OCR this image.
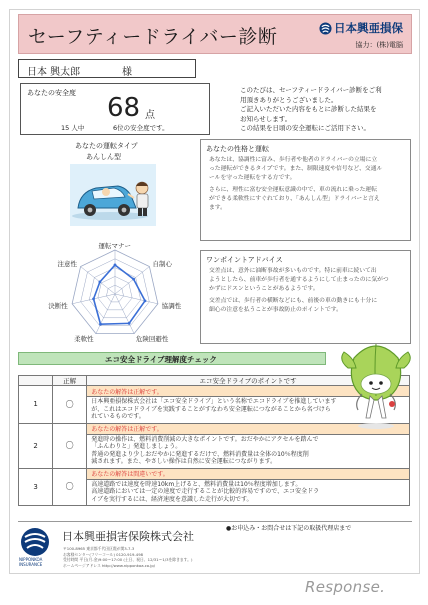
セーフティードライバー診断	日本興亜損保
協力：(株)電脳
日本 興太郎	様
あなたの安全度 68 点
15 人中	6位の安全度です。
このたびは、セーフティードライバー診断をご利
用頂きありがとうございました。
ご記入いただいた内容をもとに診断した結果を
お知らせします。
この結果を日頃の安全運転にご活用下さい。
あなたの運転タイプ
あんしん型
あなたの性格と運転
あなたは、協調性に富み、歩行者や他者のドライバーの立場に立
った運転ができるタイプです。また、制限速度や信号など、交通ル
ールを守った運転をする方です。
さらに、理性に富む安全運転意識の中で、車の流れに乗った運転
ができる柔軟性にすぐれており、「あんしん型」ドライバーと言え
ます。
ワンポイントアドバイス
交差点は、意外に油断事故が多いものです。特に前車に続いて出
ようとしたら、前車が歩行者を通するようにして止まったのに気がつ
かずにドスンということがあるようです。
交差点では、歩行者の横断などにも、前後の車の動きにも十分に
細心の注意を払うことが事故防止のポイントです。
運転マナー
自制心
協調性
危険回避性
柔軟性
決断性
注意性
エコ安全ドライブ理解度チェック
	正解	エコ安全ドライブのポイントです
1	〇	あなたの解答は正解です。

		日本興亜損保株式会社は「エコ安全ドライブ」という名称でエコドライブを推進しています
が、これはエコドライブを実践することがすなわち安全運転につながることから名づけら
れているものです。

2	〇	あなたの解答は正解です。

		発進時の操作は、燃料消費削減の大きなポイントです。おだやかにアクセルを踏んで
「ふんわりと」発進しましょう。
普通の発進より少しおだやかに発進するだけで、燃料消費量は全体の10％程度削
減されます。また、やさしい操作は自然に安全運転につながります。

3	〇	あなたの解答は間違いです。

		高速道路では速度を時速10km上げると、燃料消費量は10％程度増加します。
高速道路においては一定の速度で走行することが比較的容易ですので、エコ安全ドラ
イブを実行するには、経済速度を意識した走行が大切です。
NIPPONKOA
INSURANCE
日本興亜損害保険株式会社
〒100-8965 東京都千代田区霞が関3-7-3
お客様センター(フリーコール) 0120-919-498
受付時間 平日(月-金)9:00～17:00 (土日、祝日、12/31～1/3を除きます。)
ホームページアドレス http://www.nipponkoa.co.jp/
●お申込み・お問合せは下記の取扱代理店まで
Response.
